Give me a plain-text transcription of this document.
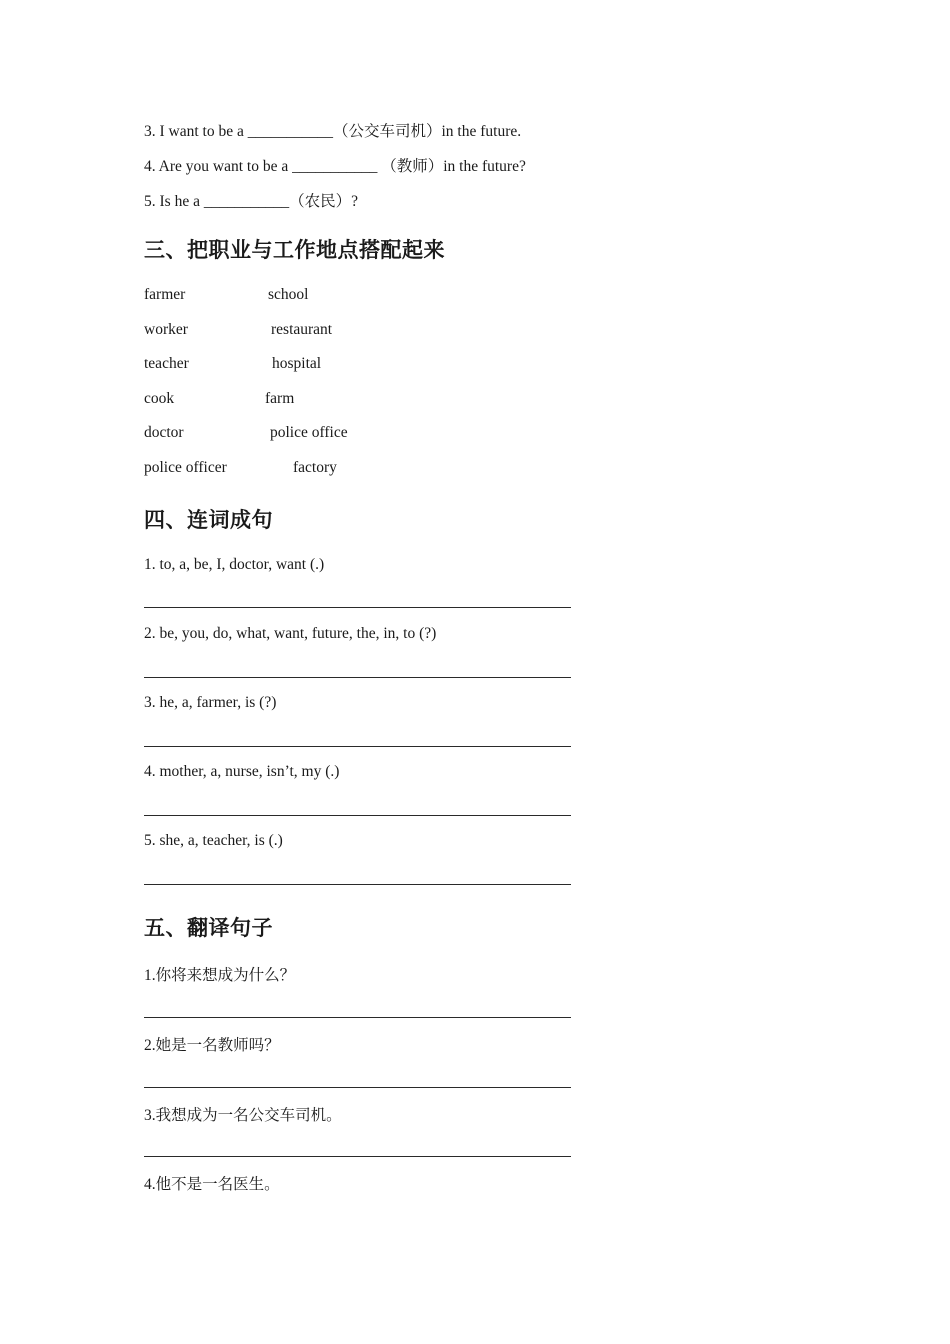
3. I want to be a ___________（公交车司机）in the future.
4. Are you want to be a ___________ （教师）in the future?
5. Is he a ___________（农民）?
三、把职业与工作地点搭配起来
farmer	school
worker	restaurant
teacher	hospital
cook	farm
doctor	police office
police officer	factory
四、连词成句
1. to, a, be, I, doctor, want (.)
2. be, you, do, what, want, future, the, in, to (?)
3. he, a, farmer, is (?)
4. mother, a, nurse, isn’t, my (.)
5. she, a, teacher, is (.)
五、翻译句子
1.你将来想成为什么？
2.她是一名教师吗？
3.我想成为一名公交车司机。
4.他不是一名医生。
